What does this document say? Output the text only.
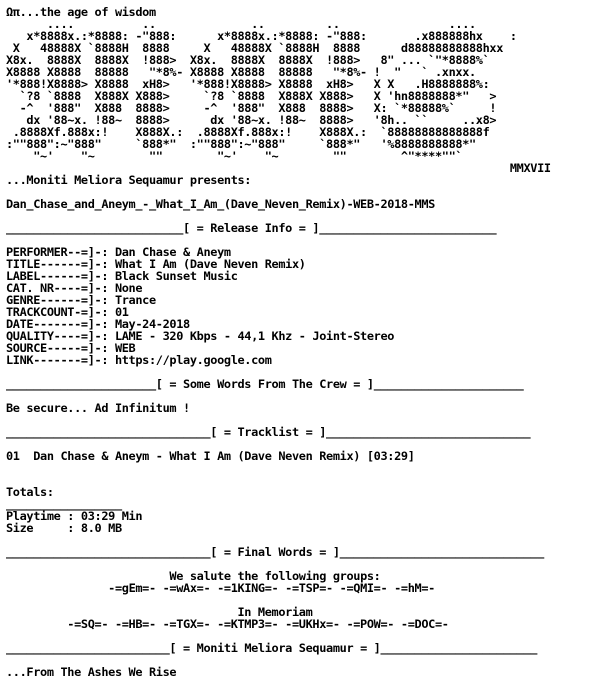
Ωπ...the age of wisdom
....          ..              ..         ..                ....
x*8888x.:*8888: -"888:      x*8888x.:*8888: -"888:       .x888888hx    :
X   48888X `8888H  8888     X   48888X `8888H  8888      d88888888888hxx
X8x.  8888X  8888X  !888>  X8x.  8888X  8888X  !888>   8" ... `"*8888%`
X8888 X8888  88888   "*8%- X8888 X8888  88888   "*8%- !  "   ` .xnxx.
'*888!X8888> X8888  xH8>   '*888!X8888> X8888  xH8>   X X   .H8888888%:
`?8 `8888  X888X X888>     `?8 `8888  X888X X888>   X 'hn8888888*"   >
-^  '888"  X888  8888>     -^  '888"  X888  8888>   X: `*88888%`     !
dx '88~x. !88~  8888>      dx '88~x. !88~  8888>   '8h.. ``     ..x8>
.8888Xf.888x:!    X888X.:  .8888Xf.888x:!    X888X.:  `88888888888888f
:""888":~"888"     `888*"  :""888":~"888"     `888*"   '%8888888888*"
"~'    "~        ""        "~'    "~        ""        ^"****""`
MMXVII
...Moniti Meliora Sequamur presents:

Dan_Chase_and_Aneym_-_What_I_Am_(Dave_Neven_Remix)-WEB-2018-MMS

__________________________[ = Release Info = ]__________________________

PERFORMER--=]-: Dan Chase & Aneym
TITLE------=]-: What I Am (Dave Neven Remix)
LABEL------=]-: Black Sunset Music
CAT. NR----=]-: None
GENRE------=]-: Trance
TRACKCOUNT-=]-: 01
DATE-------=]-: May-24-2018
QUALITY----=]-: LAME - 320 Kbps - 44,1 Khz - Joint-Stereo
SOURCE-----=]-: WEB
LINK-------=]-: https://play.google.com

______________________[ = Some Words From The Crew = ]______________________

Be secure... Ad Infinitum !

______________________________[ = Tracklist = ]______________________________

01  Dan Chase & Aneym - What I Am (Dave Neven Remix) [03:29]

Totals:
_________________
Playtime : 03:29 Min
Size     : 8.0 MB

______________________________[ = Final Words = ]______________________________

We salute the following groups:
-=gEm=- -=wAx=- -=1KING=- -=TSP=- -=QMI=- -=hM=-

In Memoriam
-=SQ=- -=HB=- -=TGX=- -=KTMP3=- -=UKHx=- -=POW=- -=DOC=-

________________________[ = Moniti Meliora Sequamur = ]_______________________

...From The Ashes We Rise
